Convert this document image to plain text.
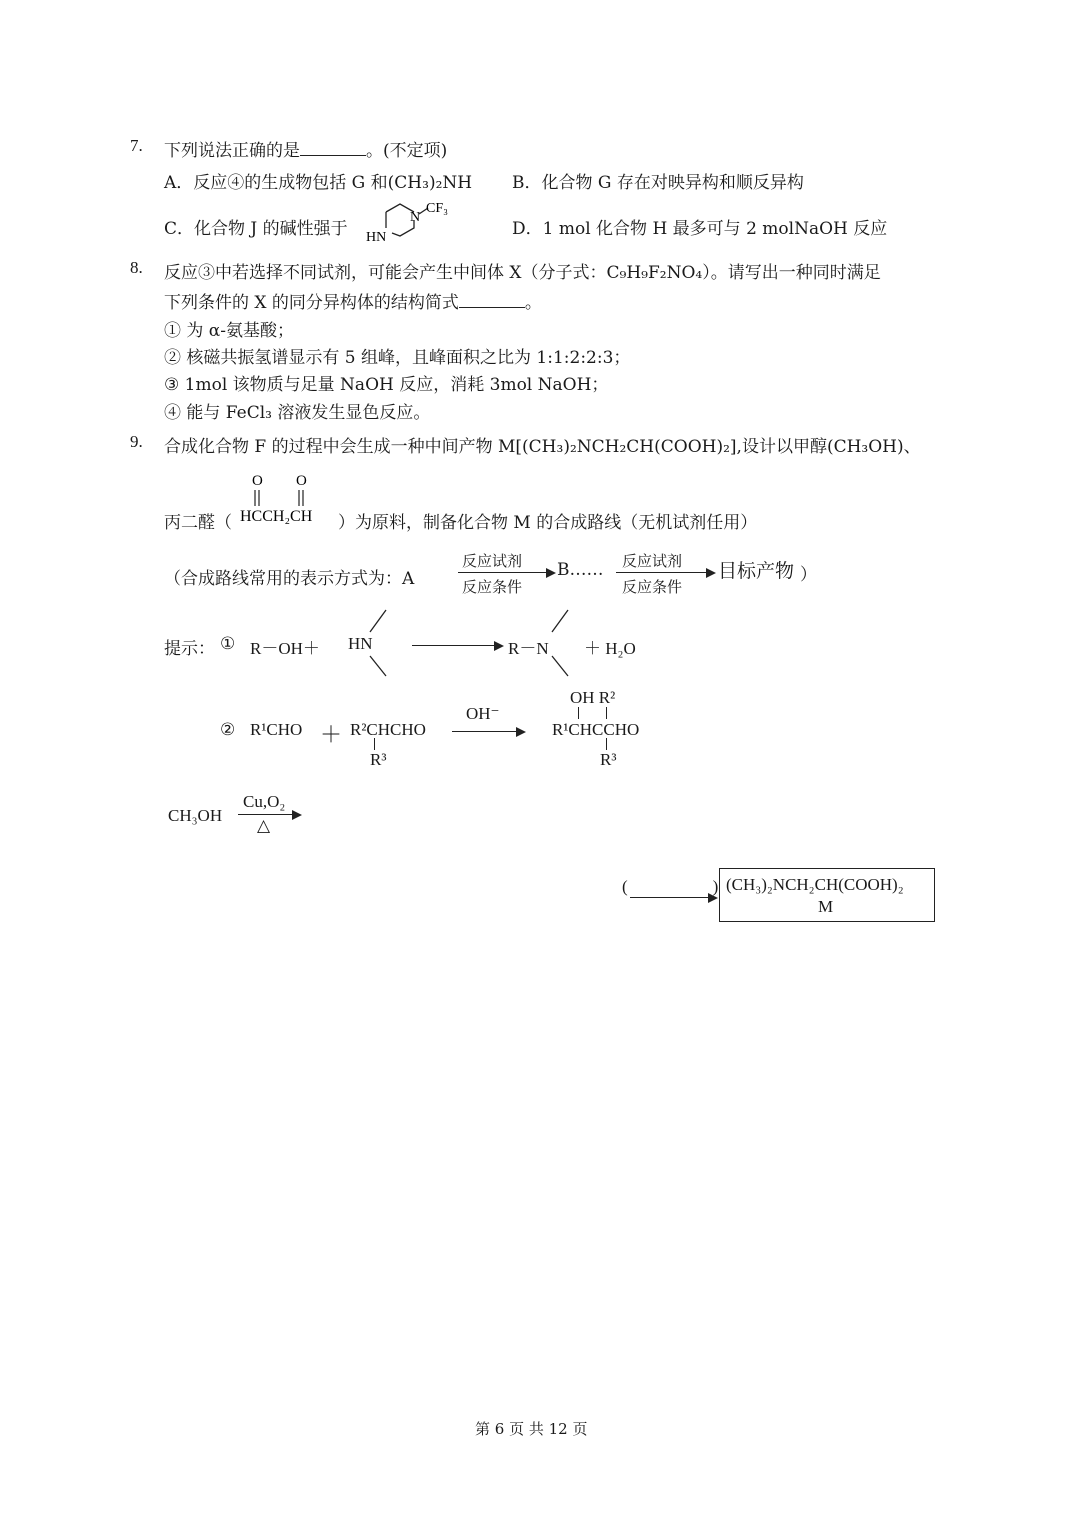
7. 下列说法正确的是	。(不定项)
A．反应④的生成物包括 G 和(CH₃)₂NH B．化合物 G 存在对映异构和顺反异构
C．化合物 J 的碱性强于
N
HN
CF₃
D．1 mol 化合物 H 最多可与 2 molNaOH 反应
8. 反应③中若选择不同试剂，可能会产生中间体 X（分子式：C₉H₉F₂NO₄）。请写出一种同时满足
下列条件的 X 的同分异构体的结构简式	。
① 为 α-氨基酸；
② 核磁共振氢谱显示有 5 组峰，且峰面积之比为 1:1:2:2:3；
③ 1mol 该物质与足量 NaOH 反应，消耗 3mol NaOH；
④ 能与 FeCl₃ 溶液发生显色反应。
9. 合成化合物 F 的过程中会生成一种中间产物 M[(CH₃)₂NCH₂CH(COOH)₂],设计以甲醇(CH₃OH)、
丙二醛（
O O
HCCH₂CH ）为原料，制备化合物 M 的合成路线（无机试剂任用）
（合成路线常用的表示方式为：A
反应试剂
反应条件
B…… 反应试剂
反应条件
目标产物 ）
提示： ① R－OH＋ HN	R－N ＋ H₂O
② R¹CHO ＋ R²CHCHO
R³
OH⁻
OH R²
R¹CHCCHO
R³
CH₃OH
Cu,O₂
△
(　　　　　) (CH₃)₂NCH₂CH(COOH)₂
M
第 6 页 共 12 页
